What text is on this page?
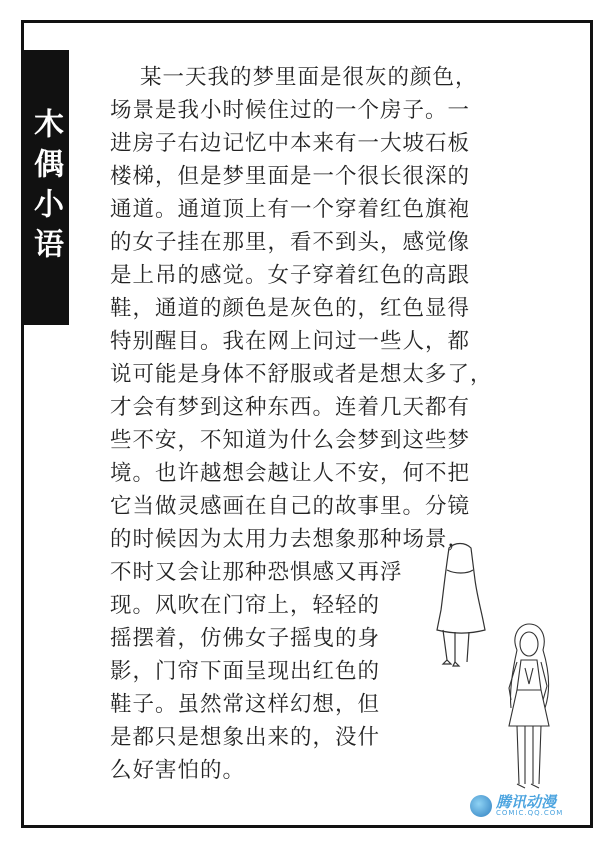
木偶小语
某一天我的梦里面是很灰的颜色，
场景是我小时候住过的一个房子。一
进房子右边记忆中本来有一大坡石板
楼梯，但是梦里面是一个很长很深的
通道。通道顶上有一个穿着红色旗袍
的女子挂在那里，看不到头，感觉像
是上吊的感觉。女子穿着红色的高跟
鞋，通道的颜色是灰色的，红色显得
特别醒目。我在网上问过一些人，都
说可能是身体不舒服或者是想太多了，
才会有梦到这种东西。连着几天都有
些不安，不知道为什么会梦到这些梦
境。也许越想会越让人不安，何不把
它当做灵感画在自己的故事里。分镜
的时候因为太用力去想象那种场景，
不时又会让那种恐惧感又再浮
现。风吹在门帘上，轻轻的
摇摆着，仿佛女子摇曳的身
影，门帘下面呈现出红色的
鞋子。虽然常这样幻想，但
是都只是想象出来的，没什
么好害怕的。
腾讯动漫
COMIC.QQ.COM
